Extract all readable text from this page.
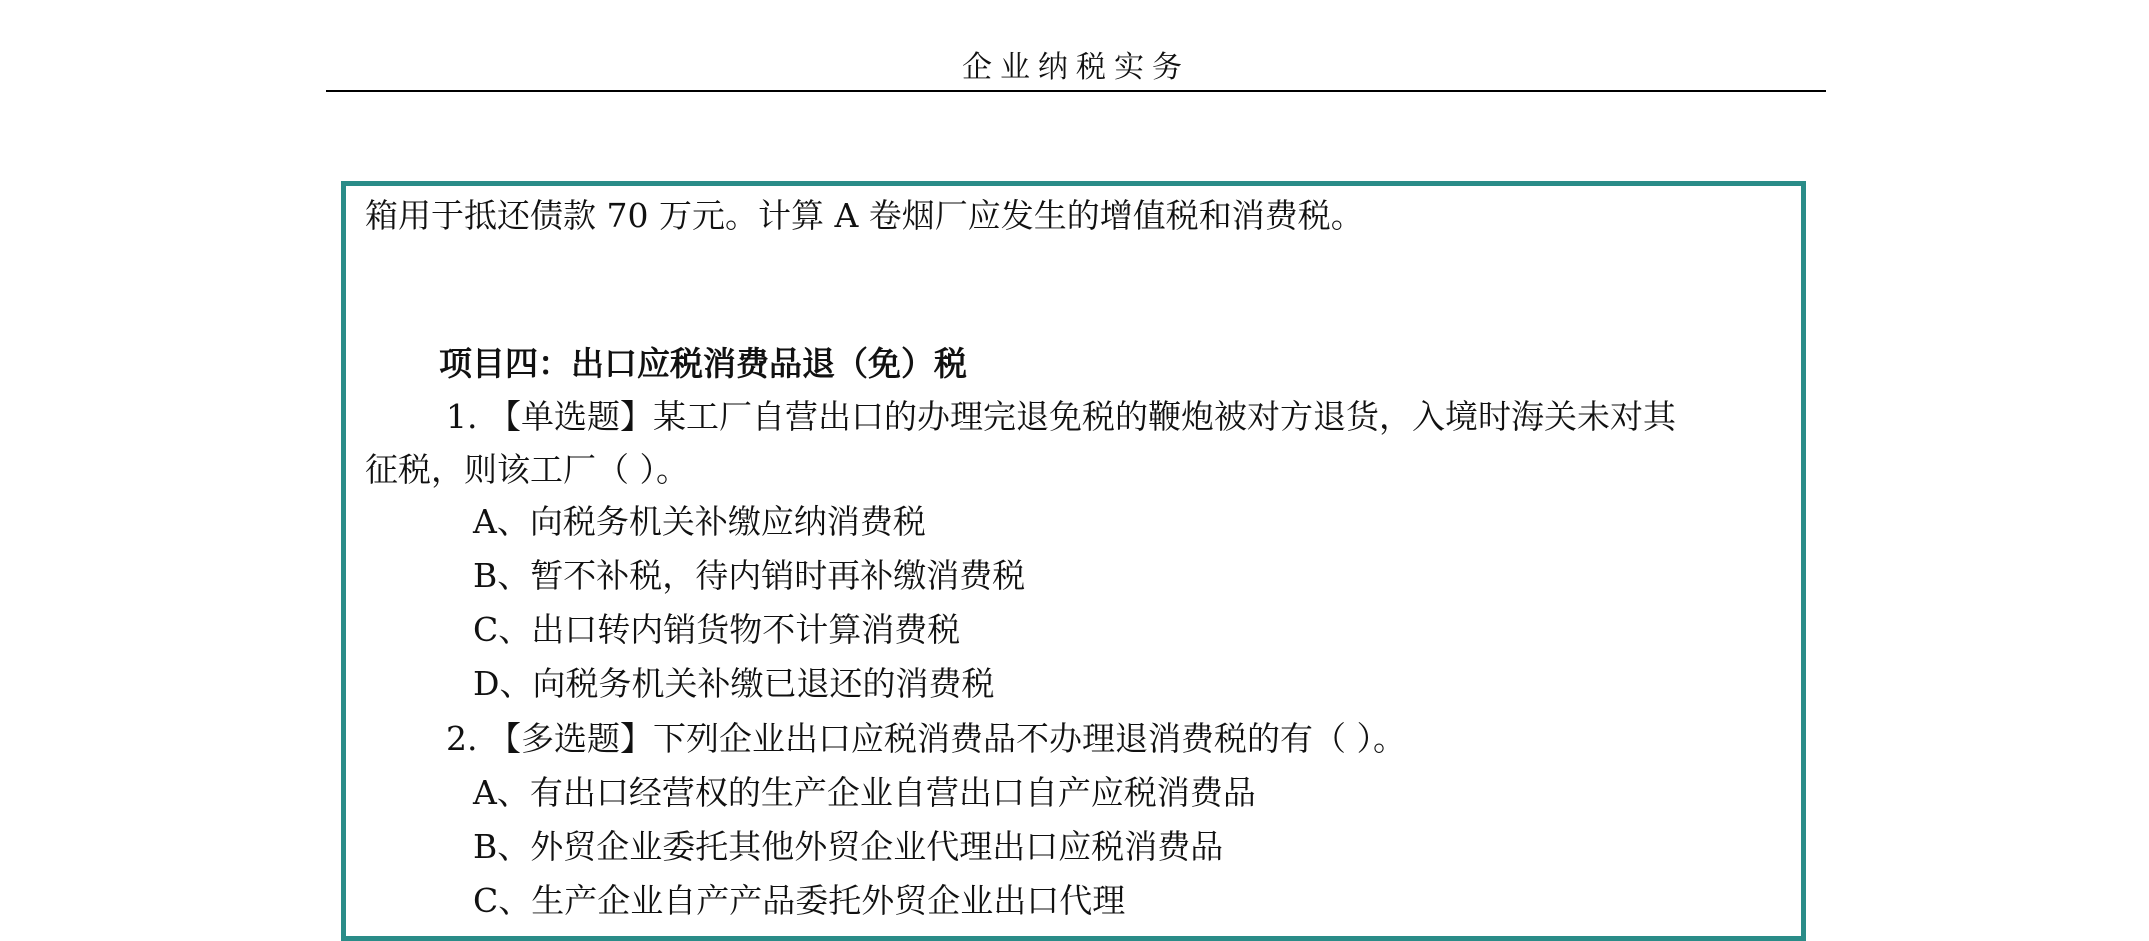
企业纳税实务
箱用于抵还债款 70 万元。计算 A 卷烟厂应发生的增值税和消费税。
项目四：出口应税消费品退（免）税
1. 【单选题】某工厂自营出口的办理完退免税的鞭炮被对方退货，入境时海关未对其
征税，则该工厂（ ）。
A、向税务机关补缴应纳消费税
B、暂不补税，待内销时再补缴消费税
C、出口转内销货物不计算消费税
D、向税务机关补缴已退还的消费税
2. 【多选题】下列企业出口应税消费品不办理退消费税的有（ ）。
A、有出口经营权的生产企业自营出口自产应税消费品
B、外贸企业委托其他外贸企业代理出口应税消费品
C、生产企业自产产品委托外贸企业出口代理
